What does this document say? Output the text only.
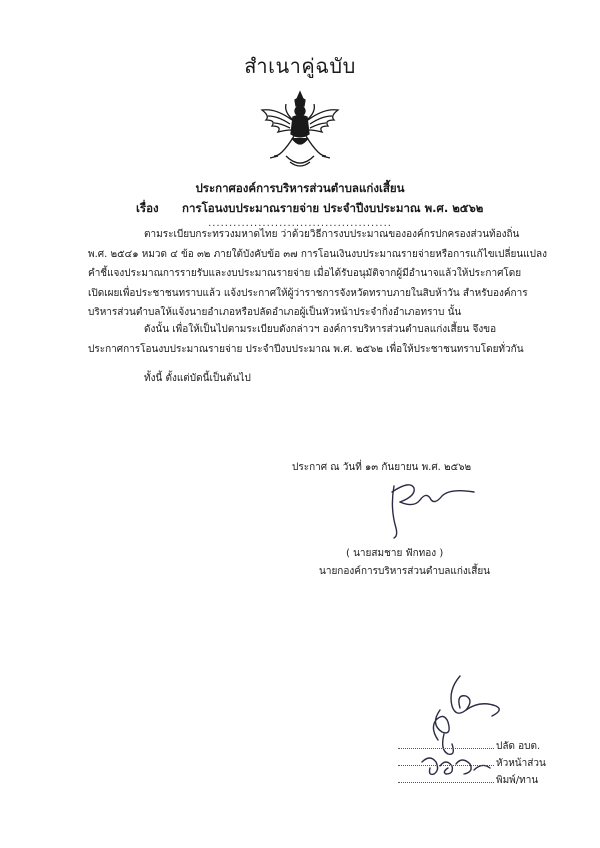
สำเนาคู่ฉบับ
ประกาศองค์การบริหารส่วนตำบลแก่งเสี้ยน
เรื่อง การโอนงบประมาณรายจ่าย ประจำปีงบประมาณ พ.ศ. ๒๕๖๒
............................................
ตามระเบียบกระทรวงมหาดไทย ว่าด้วยวิธีการงบประมาณขององค์กรปกครองส่วนท้องถิ่น
พ.ศ. ๒๕๔๑ หมวด ๔ ข้อ ๓๒ ภายใต้บังคับข้อ ๓๗ การโอนเงินงบประมาณรายจ่ายหรือการแก้ไขเปลี่ยนแปลง
คำชี้แจงประมาณการรายรับและงบประมาณรายจ่าย เมื่อได้รับอนุมัติจากผู้มีอำนาจแล้วให้ประกาศโดย
เปิดเผยเพื่อประชาชนทราบแล้ว แจ้งประกาศให้ผู้ว่าราชการจังหวัดทราบภายในสิบห้าวัน สำหรับองค์การ
บริหารส่วนตำบลให้แจ้งนายอำเภอหรือปลัดอำเภอผู้เป็นหัวหน้าประจำกิ่งอำเภอทราบ นั้น
ดังนั้น เพื่อให้เป็นไปตามระเบียบดังกล่าวฯ องค์การบริหารส่วนตำบลแก่งเสี้ยน จึงขอ
ประกาศการโอนงบประมาณรายจ่าย ประจำปีงบประมาณ พ.ศ. ๒๕๖๒ เพื่อให้ประชาชนทราบโดยทั่วกัน
ทั้งนี้ ตั้งแต่บัดนี้เป็นต้นไป
ประกาศ ณ วันที่ ๑๓ กันยายน พ.ศ. ๒๕๖๒
( นายสมชาย ฟักทอง )
นายกองค์การบริหารส่วนตำบลแก่งเสี้ยน
ปลัด อบต.
หัวหน้าส่วน
พิมพ์/ทาน
